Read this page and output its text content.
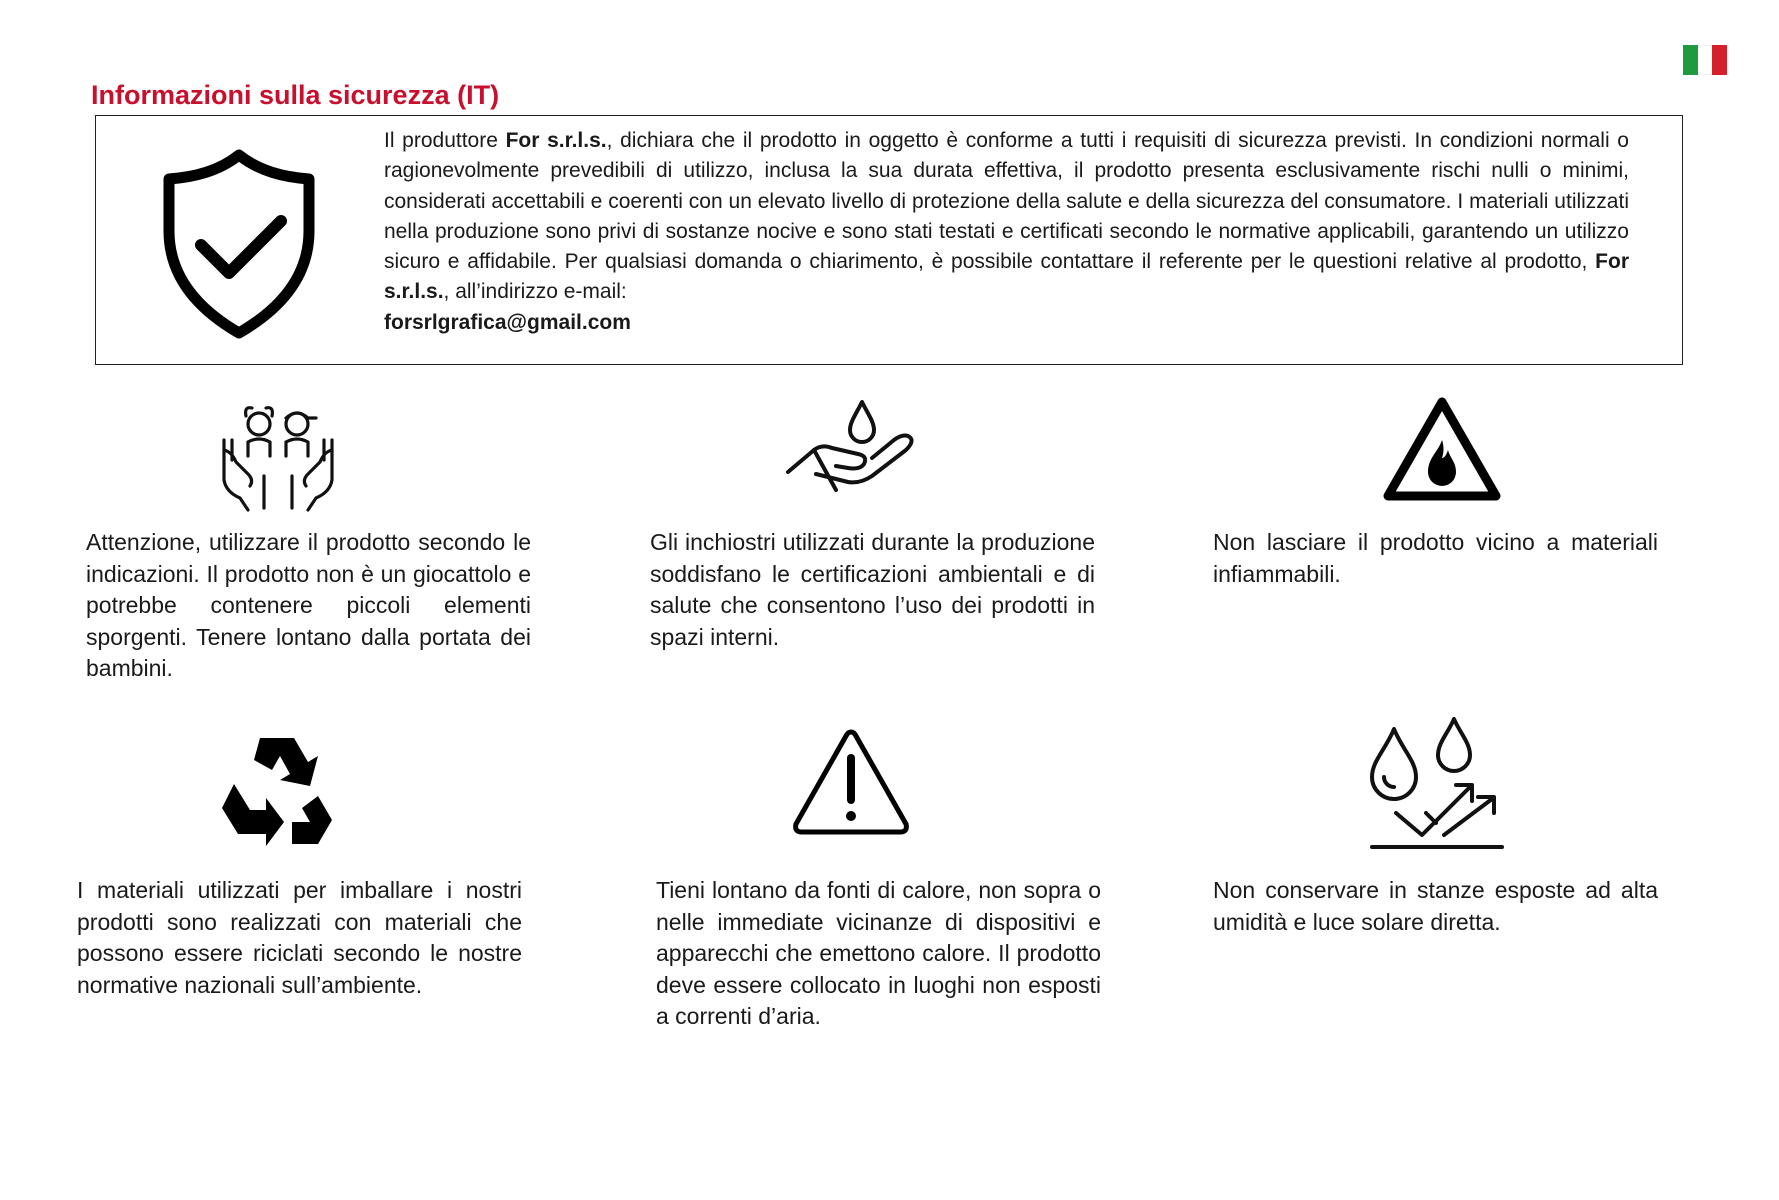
Informazioni sulla sicurezza (IT)

Il produttore For s.r.l.s., dichiara che il prodotto in oggetto è conforme a tutti i requisiti di sicurezza previsti. In condizioni normali o ragionevolmente prevedibili di utilizzo, inclusa la sua durata effettiva, il prodotto presenta esclusivamente rischi nulli o minimi, considerati accettabili e coerenti con un elevato livello di protezione della salute e della sicurezza del consumatore. I materiali utilizzati nella produzione sono privi di sostanze nocive e sono stati testati e certificati secondo le normative applicabili, garantendo un utilizzo sicuro e affidabile. Per qualsiasi domanda o chiarimento, è possibile contattare il referente per le questioni relative al prodotto, For s.r.l.s., all’indirizzo e-mail:
forsrlgrafica@gmail.com

Attenzione, utilizzare il prodotto secondo le indicazioni. Il prodotto non è un giocattolo e potrebbe contenere piccoli elementi sporgenti. Tenere lontano dalla portata dei bambini.

Gli inchiostri utilizzati durante la produzione soddisfano le certificazioni ambientali e di salute che consentono l’uso dei prodotti in spazi interni.

Non lasciare il prodotto vicino a materiali infiammabili.

I materiali utilizzati per imballare i nostri prodotti sono realizzati con materiali che possono essere riciclati secondo le nostre normative nazionali sull’ambiente.

Tieni lontano da fonti di calore, non sopra o nelle immediate vicinanze di dispositivi e apparecchi che emettono calore. Il prodotto deve essere collocato in luoghi non esposti a correnti d’aria.

Non conservare in stanze esposte ad alta umidità e luce solare diretta.
